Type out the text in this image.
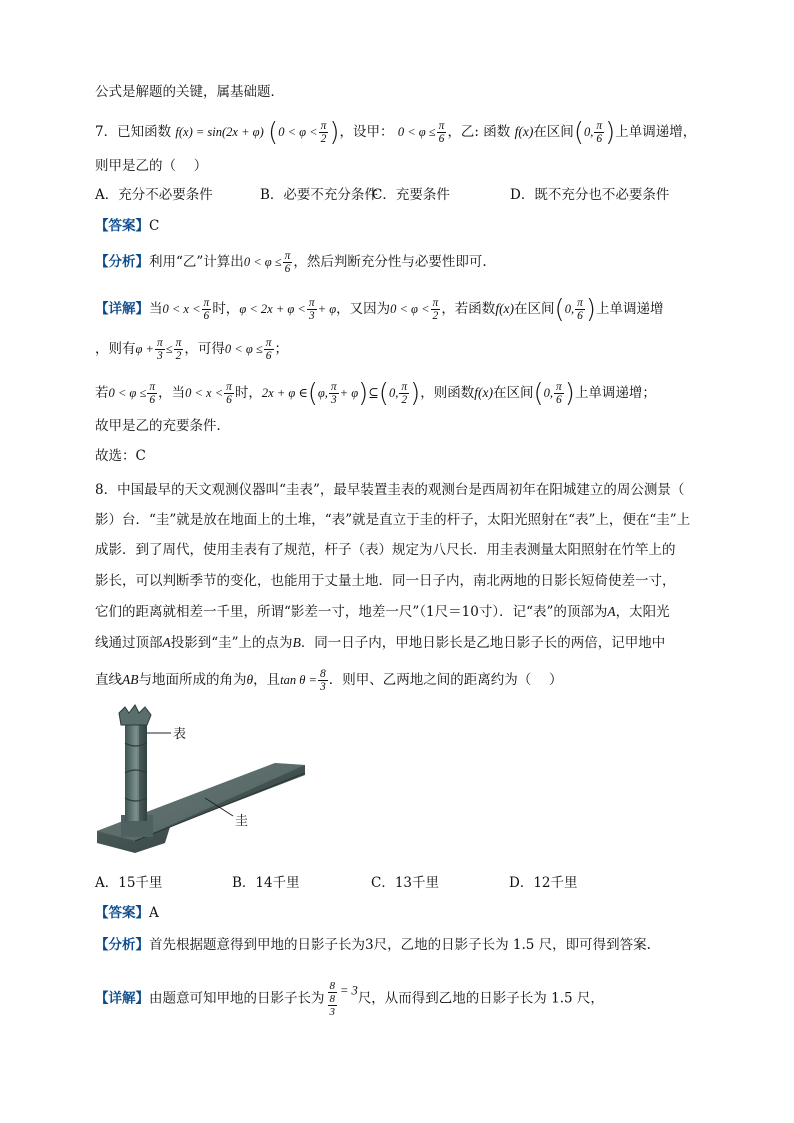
公式是解题的关键，属基础题．
7．已知函数 f(x) = sin(2x + φ) ($0 < \varphi < \frac{\pi}{2}$ )，设甲： $0 < \varphi \le \frac{\pi}{6}$ ，乙: 函数 f(x)在区间(0, $\frac{\pi}{6}$ )上单调递增，
则甲是乙的（　 ）
A．充分不必要条件	B．必要不充分条件
C．充要条件	D．既不充分也不必要条件
【答案】C
【分析】利用“乙”计算出$0 < \varphi \le \frac{\pi}{6}$ ，然后判断充分性与必要性即可.
【详解】当$0 < x < \frac{\pi}{6}$ 时，$\varphi < 2x + \varphi < \frac{\pi}{3} + \varphi$，又因为$0 < \varphi < \frac{\pi}{2}$ ，若函数f(x)在区间(0, $\frac{\pi}{6}$ )上单调递增
，则有$\varphi + \frac{\pi}{3} \le \frac{\pi}{2}$ ，可得$0 < \varphi \le \frac{\pi}{6}$ ；
若$0 < \varphi \le \frac{\pi}{6}$ ，当$0 < x < \frac{\pi}{6}$ 时，2x + φ ∈(φ, $\frac{\pi}{3}$ + φ)⊆(0, $\frac{\pi}{2}$ )，则函数f(x)在区间(0, $\frac{\pi}{6}$ )上单调递增；
故甲是乙的充要条件．
故选：C
8．中国最早的天文观测仪器叫“圭表”，最早装置圭表的观测台是西周初年在阳城建立的周公测景（
影）台．“圭”就是放在地面上的土堆，“表”就是直立于圭的杆子，太阳光照射在“表”上，便在“圭”上
成影．到了周代，使用圭表有了规范，杆子（表）规定为八尺长．用圭表测量太阳照射在竹竿上的
影长，可以判断季节的变化，也能用于丈量土地．同一日子内，南北两地的日影长短倚使差一寸，
它们的距离就相差一千里，所谓“影差一寸，地差一尺”（1尺＝10寸）．记“表”的顶部为A，太阳光
线通过顶部A投影到“圭”上的点为B．同一日子内，甲地日影长是乙地日影子长的两倍，记甲地中
直线AB与地面所成的角为θ，且$\tan \theta = \frac{8}{3}$ ．则甲、乙两地之间的距离约为（　 ）
表
圭
A．15千里	B．14千里	C．13千里	D．12千里
【答案】A
【分析】首先根据题意得到甲地的日影子长为3尺，乙地的日影子长为 1.5 尺，即可得到答案.
【详解】由题意可知甲地的日影子长为 $\frac{8}{\frac{8}{3}} = 3$尺，从而得到乙地的日影子长为 1.5 尺，
